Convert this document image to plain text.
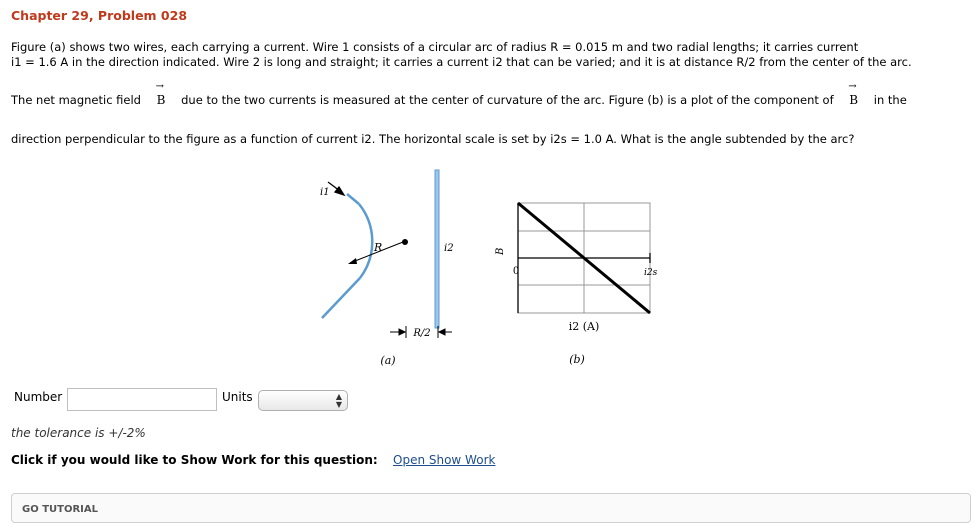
Chapter 29, Problem 028
Figure (a) shows two wires, each carrying a current. Wire 1 consists of a circular arc of radius R = 0.015 m and two radial lengths; it carries current
i1 = 1.6 A in the direction indicated. Wire 2 is long and straight; it carries a current i2 that can be varied; and it is at distance R/2 from the center of the arc.
The net magnetic field
→
B due to the two currents is measured at the center of curvature of the arc. Figure (b) is a plot of the component of
→
B in the
direction perpendicular to the figure as a function of current i2. The horizontal scale is set by i2s = 1.0 A. What is the angle subtended by the arc?
i1
R	i2
R/2
(a)
B
0	i2s
i2 (A)
(b)
Number	Units	▲
▼
the tolerance is +/-2%
Click if you would like to Show Work for this question: Open Show Work
GO TUTORIAL
